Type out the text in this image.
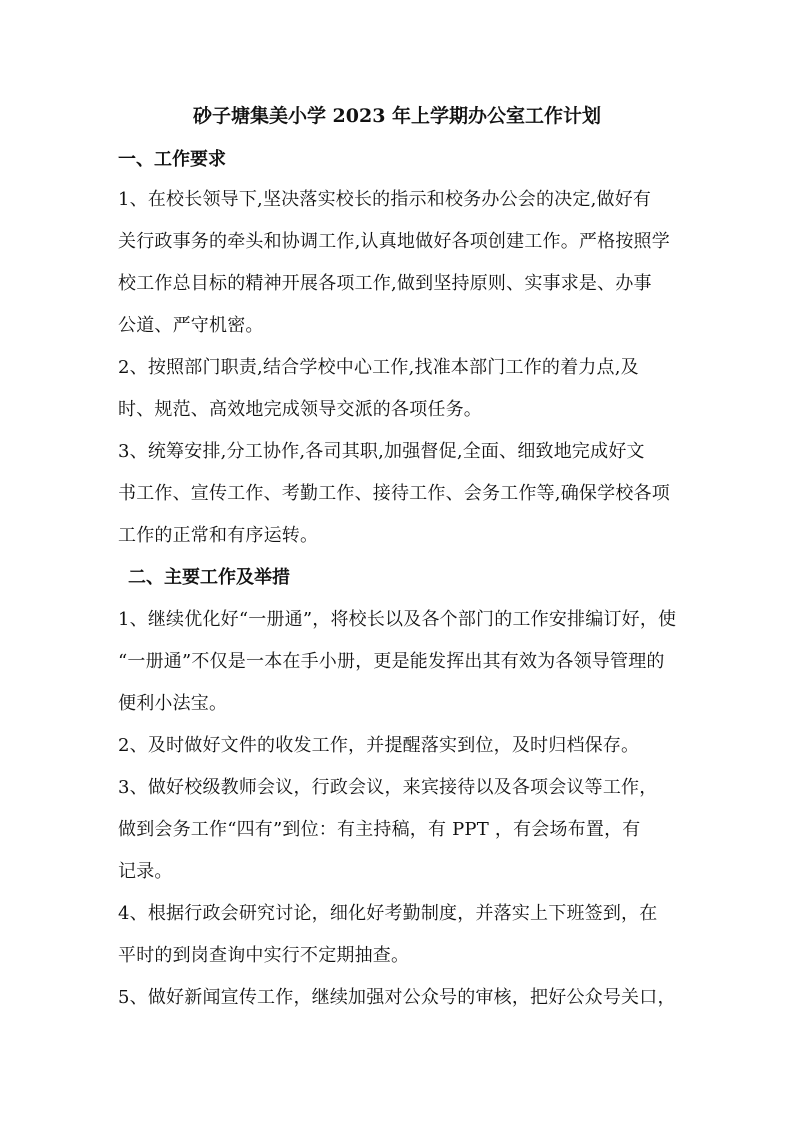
砂子塘集美小学 2023 年上学期办公室工作计划
一、工作要求
1、在校长领导下,坚决落实校长的指示和校务办公会的决定,做好有
关行政事务的牵头和协调工作,认真地做好各项创建工作。严格按照学
校工作总目标的精神开展各项工作,做到坚持原则、实事求是、办事
公道、严守机密。
2、按照部门职责,结合学校中心工作,找准本部门工作的着力点,及
时、规范、高效地完成领导交派的各项任务。
3、统筹安排,分工协作,各司其职,加强督促,全面、细致地完成好文
书工作、宣传工作、考勤工作、接待工作、会务工作等,确保学校各项
工作的正常和有序运转。
二、主要工作及举措
1、继续优化好“一册通”，将校长以及各个部门的工作安排编订好，使
“一册通”不仅是一本在手小册，更是能发挥出其有效为各领导管理的
便利小法宝。
2、及时做好文件的收发工作，并提醒落实到位，及时归档保存。
3、做好校级教师会议，行政会议，来宾接待以及各项会议等工作，
做到会务工作“四有”到位：有主持稿，有 PPT ，有会场布置，有
记录。
4、根据行政会研究讨论，细化好考勤制度，并落实上下班签到，在
平时的到岗查询中实行不定期抽查。
5、做好新闻宣传工作，继续加强对公众号的审核，把好公众号关口，
